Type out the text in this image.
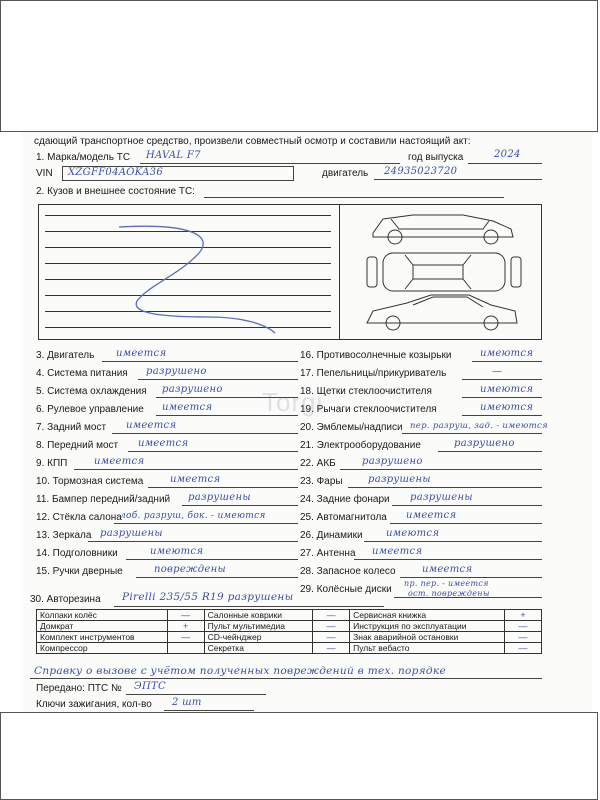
сдающий транспортное средство, произвели совместный осмотр и составили настоящий акт:
1. Марка/модель ТС HAVAL F7	год выпуска	2024
VIN XZGFF04AOKA36	двигатель 24935023720
2. Кузов и внешнее состояние ТС:
Torgi
3. Двигатель имеется
4. Система питания разрушено
5. Система охлаждения разрушено
6. Рулевое управление имеется
7. Задний мост имеется
8. Передний мост имеется
9. КПП	имеется
10. Тормозная система	имеется
11. Бампер передний/задний разрушены
12. Стёкла салона
лоб. разруш, бок. - имеются
13. Зеркала разрушены
14. Подголовники	имеются
15. Ручки дверные	повреждены
16. Противосолнечные козырьки	имеются
17. Пепельницы/прикуриватель	—
18. Щетки стеклоочистителя	имеются
19. Рычаги стеклоочистителя	имеются
20. Эмблемы/надписи пер. разруш, зад. - имеются
21. Электрооборудование	разрушено
22. АКБ	разрушено
23. Фары	разрушены
24. Задние фонари разрушены
25. Автомагнитола имеется
26. Динамики имеются
27. Антенна имеется
28. Запасное колесо	имеется
29. Колёсные диски
пр. пер. - имеется
ост. повреждены
30. Авторезина Pirelli 235/55 R19 разрушены
Колпаки колёс	—	Салонные коврики	—	Сервисная книжка	+
Домкрат	+	Пульт мультимедиа	—	Инструкция по эксплуатации	—
Комплект инструментов	—	CD-чейнджер	—	Знак аварийной остановки	—
Компрессор		Секретка	—	Пульт вебасто	—
Справку о вызове с учётом полученных повреждений в тех. порядке
Передано: ПТС № ЭПТС
Ключи зажигания, кол-во 2 шт
